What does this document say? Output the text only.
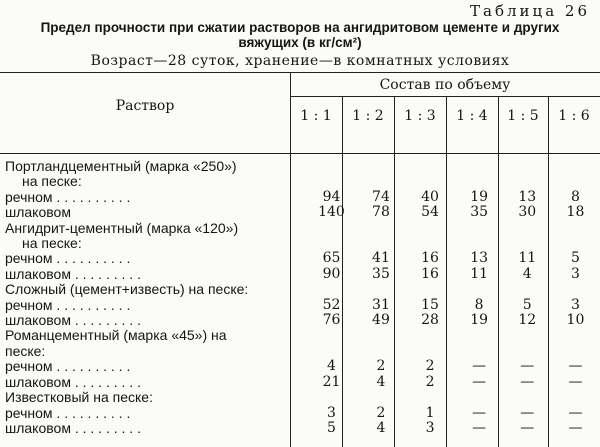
Таблица 26
Предел прочности при сжатии растворов на ангидритовом цементе и других
вяжущих (в кг/см²)
Возраст—28 суток, хранение—в комнатных условиях
Раствор
Состав по объему
1 : 1	1 : 2	1 : 3	1 : 4	1 : 5	1 : 6
Портландцементный (марка «250»)						
на песке:						
речном . . . . . . . . . .	94	74	40	19	13	8
шлаковом	140	78	54	35	30	18
Ангидрит-цементный (марка «120»)						
на песке:						
речном . . . . . . . . . .	65	41	16	13	11	5
шлаковом . . . . . . . . .	90	35	16	11	4	3
Сложный (цемент+известь) на песке:						
речном . . . . . . . . . .	52	31	15	8	5	3
шлаковом . . . . . . . . .	76	49	28	19	12	10
Романцементный (марка «45») на						
песке:						
речном . . . . . . . . . .	4	2	2	—	—	—
шлаковом . . . . . . . . .	21	4	2	—	—	—
Известковый на песке:						
речном . . . . . . . . . .	3	2	1	—	—	—
шлаковом . . . . . . . . .	5	4	3	—	—	—
